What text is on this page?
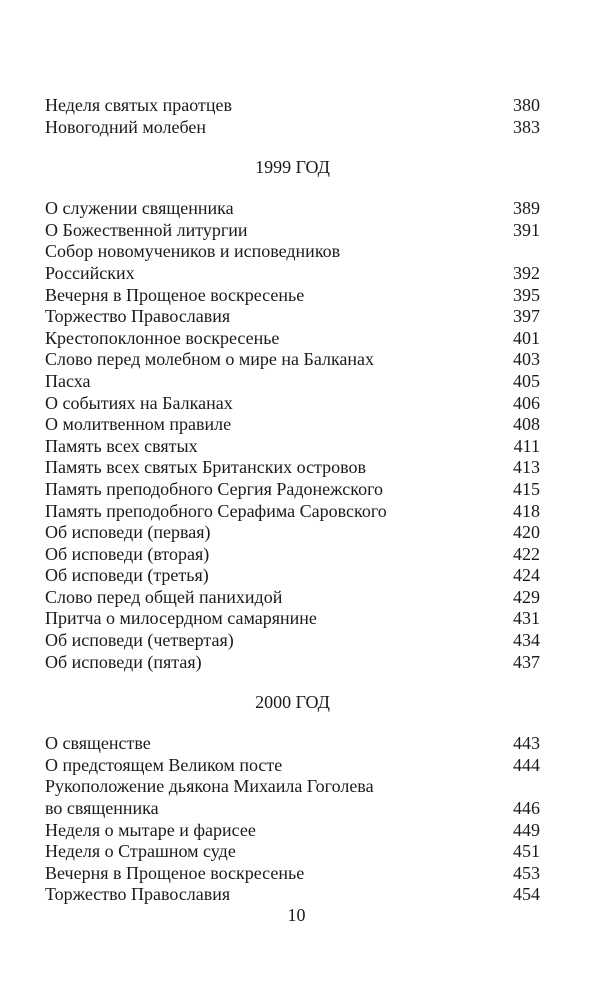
Неделя святых праотцев	380
Новогодний молебен	383
1999 ГОД
О служении священника	389
О Божественной литургии	391
Собор новомучеников и исповедников
Российских	392
Вечерня в Прощеное воскресенье	395
Торжество Православия	397
Крестопоклонное воскресенье	401
Слово перед молебном о мире на Балканах	403
Пасха	405
О событиях на Балканах	406
О молитвенном правиле	408
Память всех святых	411
Память всех святых Британских островов	413
Память преподобного Сергия Радонежского	415
Память преподобного Серафима Саровского	418
Об исповеди (первая)	420
Об исповеди (вторая)	422
Об исповеди (третья)	424
Слово перед общей панихидой	429
Притча о милосердном самарянине	431
Об исповеди (четвертая)	434
Об исповеди (пятая)	437
2000 ГОД
О священстве	443
О предстоящем Великом посте	444
Рукоположение дьякона Михаила Гоголева
во священника	446
Неделя о мытаре и фарисее	449
Неделя о Страшном суде	451
Вечерня в Прощеное воскресенье	453
Торжество Православия	454
10
